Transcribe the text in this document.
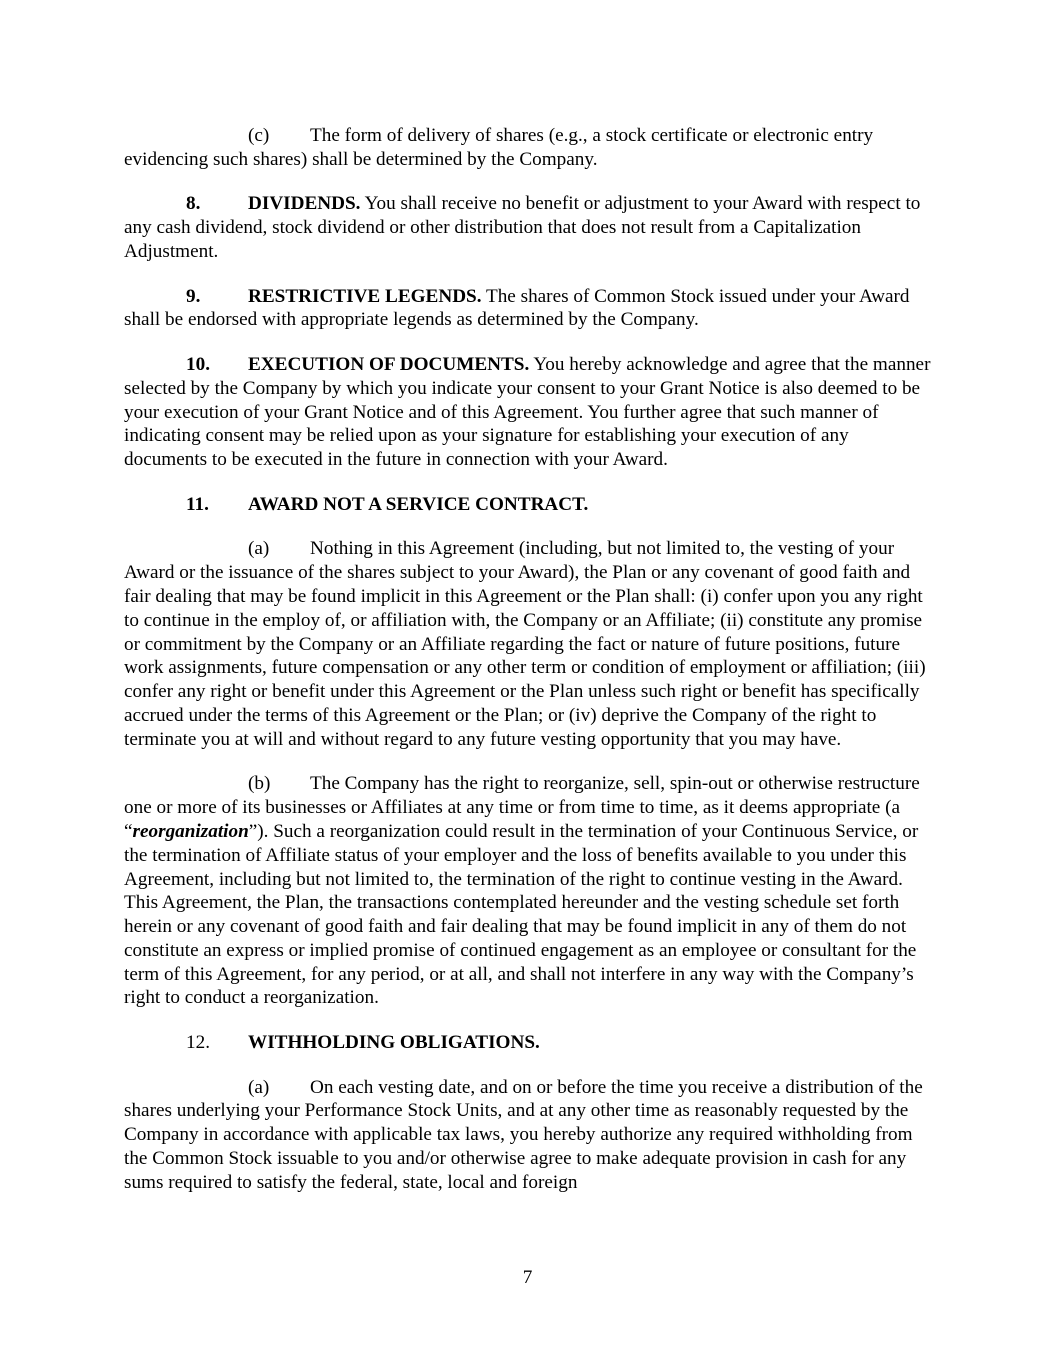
(c) The form of delivery of shares (e.g., a stock certificate or electronic entry evidencing such shares) shall be determined by the Company.

8. DIVIDENDS. You shall receive no benefit or adjustment to your Award with respect to any cash dividend, stock dividend or other distribution that does not result from a Capitalization Adjustment.

9. RESTRICTIVE LEGENDS. The shares of Common Stock issued under your Award shall be endorsed with appropriate legends as determined by the Company.

10. EXECUTION OF DOCUMENTS. You hereby acknowledge and agree that the manner selected by the Company by which you indicate your consent to your Grant Notice is also deemed to be your execution of your Grant Notice and of this Agreement. You further agree that such manner of indicating consent may be relied upon as your signature for establishing your execution of any documents to be executed in the future in connection with your Award.

11. AWARD NOT A SERVICE CONTRACT.

(a) Nothing in this Agreement (including, but not limited to, the vesting of your Award or the issuance of the shares subject to your Award), the Plan or any covenant of good faith and fair dealing that may be found implicit in this Agreement or the Plan shall: (i) confer upon you any right to continue in the employ of, or affiliation with, the Company or an Affiliate; (ii) constitute any promise or commitment by the Company or an Affiliate regarding the fact or nature of future positions, future work assignments, future compensation or any other term or condition of employment or affiliation; (iii) confer any right or benefit under this Agreement or the Plan unless such right or benefit has specifically accrued under the terms of this Agreement or the Plan; or (iv) deprive the Company of the right to terminate you at will and without regard to any future vesting opportunity that you may have.

(b) The Company has the right to reorganize, sell, spin-out or otherwise restructure one or more of its businesses or Affiliates at any time or from time to time, as it deems appropriate (a “reorganization”). Such a reorganization could result in the termination of your Continuous Service, or the termination of Affiliate status of your employer and the loss of benefits available to you under this Agreement, including but not limited to, the termination of the right to continue vesting in the Award. This Agreement, the Plan, the transactions contemplated hereunder and the vesting schedule set forth herein or any covenant of good faith and fair dealing that may be found implicit in any of them do not constitute an express or implied promise of continued engagement as an employee or consultant for the term of this Agreement, for any period, or at all, and shall not interfere in any way with the Company’s right to conduct a reorganization.

12. WITHHOLDING OBLIGATIONS.

(a) On each vesting date, and on or before the time you receive a distribution of the shares underlying your Performance Stock Units, and at any other time as reasonably requested by the Company in accordance with applicable tax laws, you hereby authorize any required withholding from the Common Stock issuable to you and/or otherwise agree to make adequate provision in cash for any sums required to satisfy the federal, state, local and foreign

7
